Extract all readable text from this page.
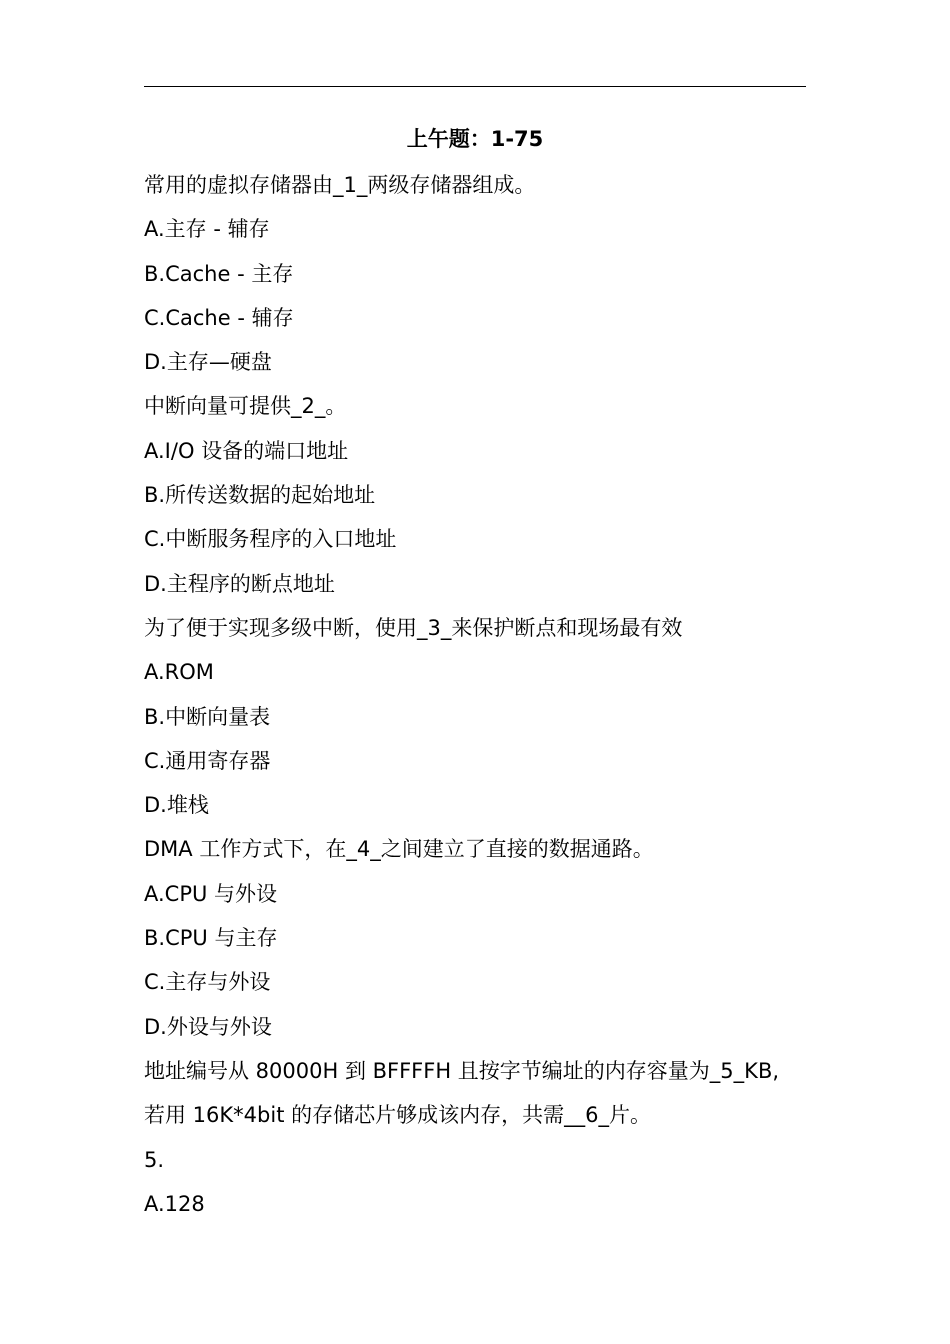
上午题：1-75
常用的虚拟存储器由_1_两级存储器组成。
A.主存 - 辅存
B.Cache - 主存
C.Cache - 辅存
D.主存—硬盘
中断向量可提供_2_。
A.I/O 设备的端口地址
B.所传送数据的起始地址
C.中断服务程序的入口地址
D.主程序的断点地址
为了便于实现多级中断，使用_3_来保护断点和现场最有效
A.ROM
B.中断向量表
C.通用寄存器
D.堆栈
DMA 工作方式下，在_4_之间建立了直接的数据通路。
A.CPU 与外设
B.CPU 与主存
C.主存与外设
D.外设与外设
地址编号从 80000H 到 BFFFFH 且按字节编址的内存容量为_5_KB,
若用 16K*4bit 的存储芯片够成该内存，共需__6_片。
5.
A.128
